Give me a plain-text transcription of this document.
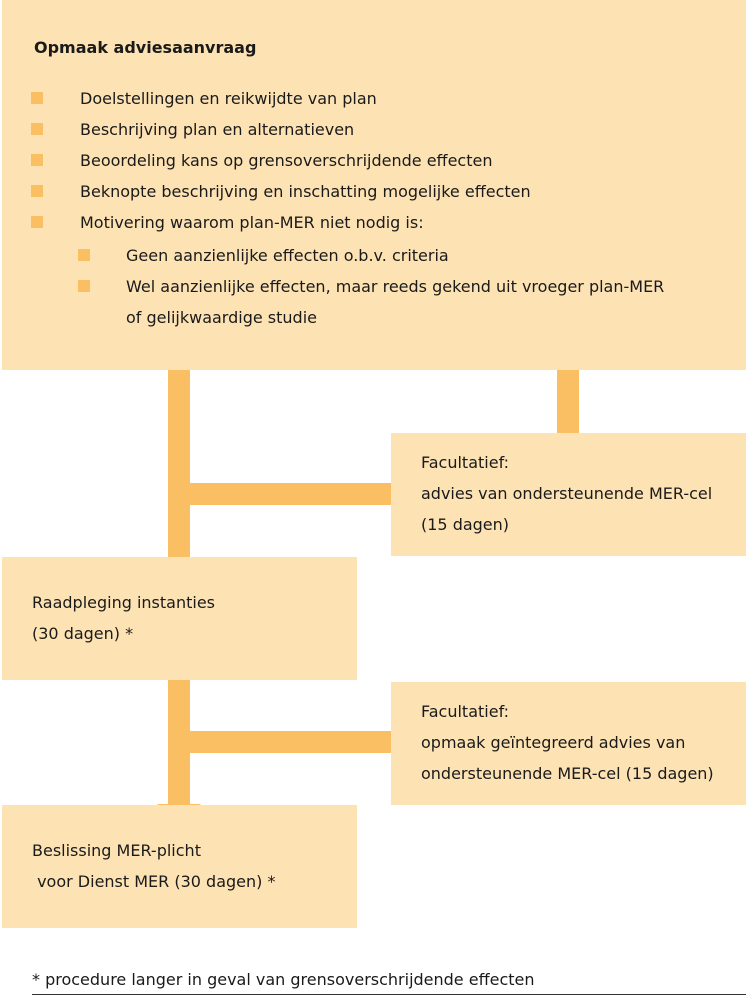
Opmaak adviesaanvraag
Doelstellingen en reikwijdte van plan
Beschrijving plan en alternatieven
Beoordeling kans op grensoverschrijdende effecten
Beknopte beschrijving en inschatting mogelijke effecten
Motivering waarom plan-MER niet nodig is:
Geen aanzienlijke effecten o.b.v. criteria
Wel aanzienlijke effecten, maar reeds gekend uit vroeger plan-MER
of gelijkwaardige studie
Facultatief:
advies van ondersteunende MER-cel
(15 dagen)
Raadpleging instanties
(30 dagen) *
Facultatief:
opmaak geïntegreerd advies van
ondersteunende MER-cel (15 dagen)
Beslissing MER-plicht
voor Dienst MER (30 dagen) *
* procedure langer in geval van grensoverschrijdende effecten
